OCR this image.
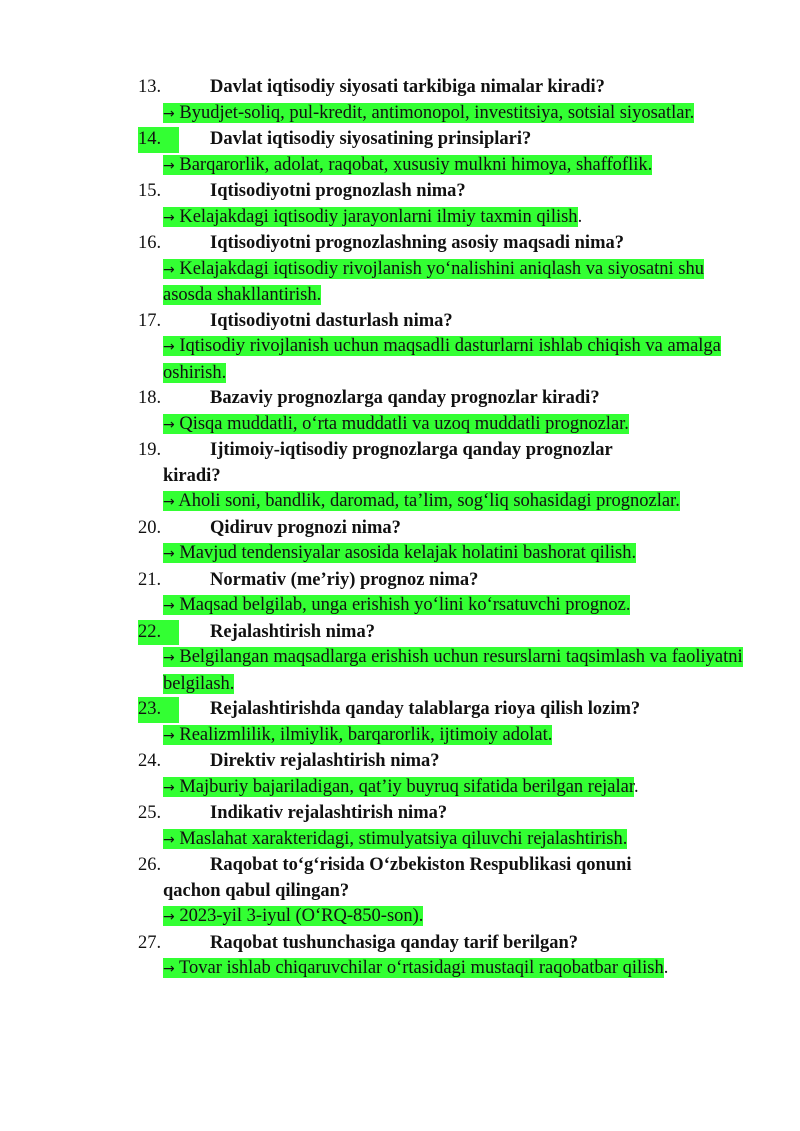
13.	Davlat iqtisodiy siyosati tarkibiga nimalar kiradi?
→ Byudjet-soliq, pul-kredit, antimonopol, investitsiya, sotsial siyosatlar.
14.	Davlat iqtisodiy siyosatining prinsiplari?
→ Barqarorlik, adolat, raqobat, xususiy mulkni himoya, shaffoflik.
15.	Iqtisodiyotni prognozlash nima?
→ Kelajakdagi iqtisodiy jarayonlarni ilmiy taxmin qilish.
16.	Iqtisodiyotni prognozlashning asosiy maqsadi nima?
→ Kelajakdagi iqtisodiy rivojlanish yo‘nalishini aniqlash va siyosatni shu asosda shakllantirish.
17.	Iqtisodiyotni dasturlash nima?
→ Iqtisodiy rivojlanish uchun maqsadli dasturlarni ishlab chiqish va amalga oshirish.
18.	Bazaviy prognozlarga qanday prognozlar kiradi?
→ Qisqa muddatli, o‘rta muddatli va uzoq muddatli prognozlar.
19.	Ijtimoiy-iqtisodiy prognozlarga qanday prognozlar
kiradi?
→ Aholi soni, bandlik, daromad, ta’lim, sog‘liq sohasidagi prognozlar.
20.	Qidiruv prognozi nima?
→ Mavjud tendensiyalar asosida kelajak holatini bashorat qilish.
21.	Normativ (me’riy) prognoz nima?
→ Maqsad belgilab, unga erishish yo‘lini ko‘rsatuvchi prognoz.
22.	Rejalashtirish nima?
→ Belgilangan maqsadlarga erishish uchun resurslarni taqsimlash va faoliyatni belgilash.
23.	Rejalashtirishda qanday talablarga rioya qilish lozim?
→ Realizmlilik, ilmiylik, barqarorlik, ijtimoiy adolat.
24.	Direktiv rejalashtirish nima?
→ Majburiy bajariladigan, qat’iy buyruq sifatida berilgan rejalar.
25.	Indikativ rejalashtirish nima?
→ Maslahat xarakteridagi, stimulyatsiya qiluvchi rejalashtirish.
26.	Raqobat to‘g‘risida O‘zbekiston Respublikasi qonuni
qachon qabul qilingan?
→ 2023-yil 3-iyul (O‘RQ-850-son).
27.	Raqobat tushunchasiga qanday tarif berilgan?
→ Tovar ishlab chiqaruvchilar o‘rtasidagi mustaqil raqobatbar qilish.
